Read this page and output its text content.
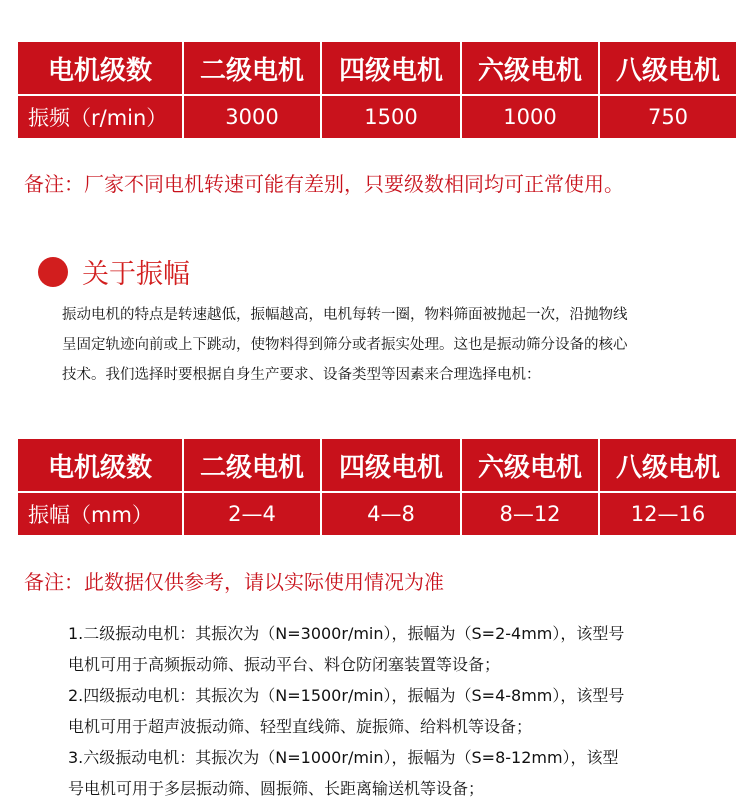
电机级数	二级电机	四级电机	六级电机	八级电机
振频（r/min）	3000	1500	1000	750
备注：厂家不同电机转速可能有差别，只要级数相同均可正常使用。
关于振幅

振动电机的特点是转速越低，振幅越高，电机每转一圈，物料筛面被抛起一次，沿抛物线

呈固定轨迹向前或上下跳动，使物料得到筛分或者振实处理。这也是振动筛分设备的核心

技术。我们选择时要根据自身生产要求、设备类型等因素来合理选择电机：

电机级数	二级电机	四级电机	六级电机	八级电机
振幅（mm）	2—4	4—8	8—12	12—16
备注：此数据仅供参考，请以实际使用情况为准

1.二级振动电机：其振次为（N=3000r/min），振幅为（S=2-4mm），该型号

电机可用于高频振动筛、振动平台、料仓防闭塞装置等设备；

2.四级振动电机：其振次为（N=1500r/min），振幅为（S=4-8mm），该型号

电机可用于超声波振动筛、轻型直线筛、旋振筛、给料机等设备；

3.六级振动电机：其振次为（N=1000r/min），振幅为（S=8-12mm），该型

号电机可用于多层振动筛、圆振筛、长距离输送机等设备；
